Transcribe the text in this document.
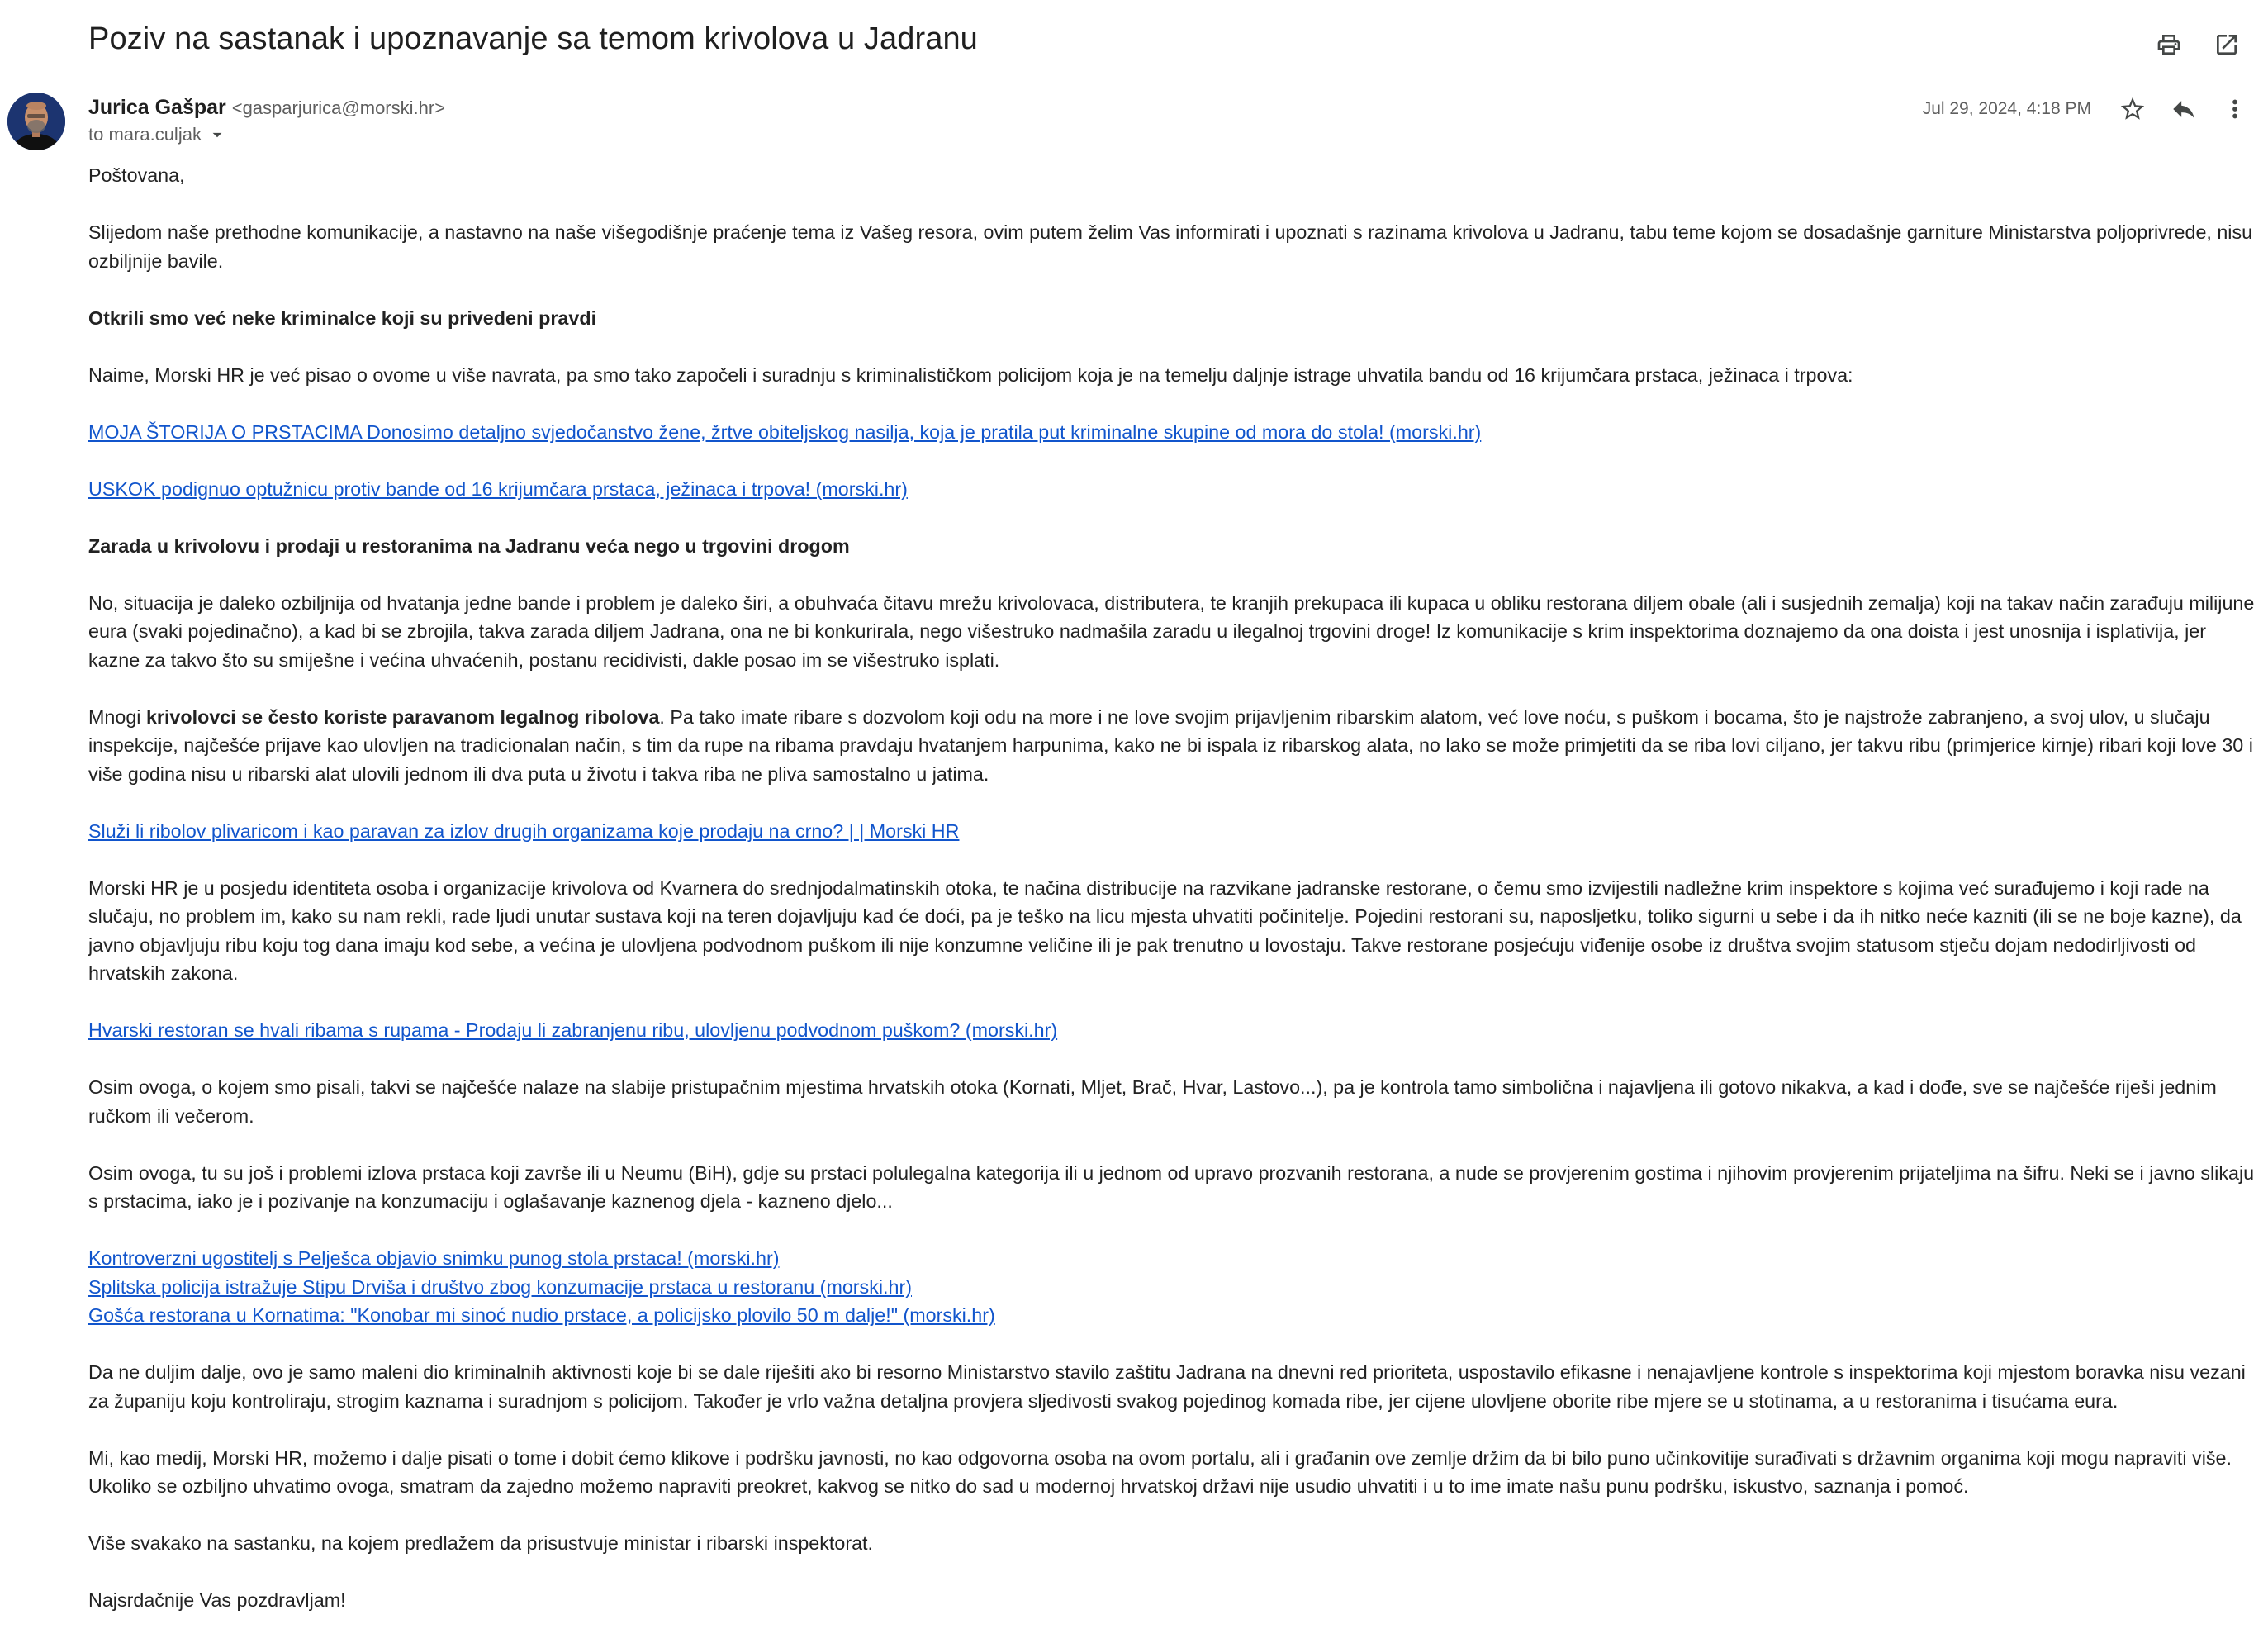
Poziv na sastanak i upoznavanje sa temom krivolova u Jadranu
Jurica Gašpar <gasparjurica@morski.hr>
to mara.culjak
Jul 29, 2024, 4:18 PM

Poštovana,

Slijedom naše prethodne komunikacije, a nastavno na naše višegodišnje praćenje tema iz Vašeg resora, ovim putem želim Vas informirati i upoznati s razinama krivolova u Jadranu, tabu teme kojom se dosadašnje garniture Ministarstva poljoprivrede, nisu ozbiljnije bavile.

Otkrili smo već neke kriminalce koji su privedeni pravdi

Naime, Morski HR je već pisao o ovome u više navrata, pa smo tako započeli i suradnju s kriminalističkom policijom koja je na temelju daljnje istrage uhvatila bandu od 16 krijumčara prstaca, ježinaca i trpova:

MOJA ŠTORIJA O PRSTACIMA Donosimo detaljno svjedočanstvo žene, žrtve obiteljskog nasilja, koja je pratila put kriminalne skupine od mora do stola! (morski.hr)

USKOK podignuo optužnicu protiv bande od 16 krijumčara prstaca, ježinaca i trpova! (morski.hr)

Zarada u krivolovu i prodaji u restoranima na Jadranu veća nego u trgovini drogom

No, situacija je daleko ozbiljnija od hvatanja jedne bande i problem je daleko širi, a obuhvaća čitavu mrežu krivolovaca, distributera, te kranjih prekupaca ili kupaca u obliku restorana diljem obale (ali i susjednih zemalja) koji na takav način zarađuju milijune eura (svaki pojedinačno), a kad bi se zbrojila, takva zarada diljem Jadrana, ona ne bi konkurirala, nego višestruko nadmašila zaradu u ilegalnoj trgovini droge! Iz komunikacije s krim inspektorima doznajemo da ona doista i jest unosnija i isplativija, jer kazne za takvo što su smiješne i većina uhvaćenih, postanu recidivisti, dakle posao im se višestruko isplati.

Mnogi krivolovci se često koriste paravanom legalnog ribolova. Pa tako imate ribare s dozvolom koji odu na more i ne love svojim prijavljenim ribarskim alatom, već love noću, s puškom i bocama, što je najstrože zabranjeno, a svoj ulov, u slučaju inspekcije, najčešće prijave kao ulovljen na tradicionalan način, s tim da rupe na ribama pravdaju hvatanjem harpunima, kako ne bi ispala iz ribarskog alata, no lako se može primjetiti da se riba lovi ciljano, jer takvu ribu (primjerice kirnje) ribari koji love 30 i više godina nisu u ribarski alat ulovili jednom ili dva puta u životu i takva riba ne pliva samostalno u jatima.

Služi li ribolov plivaricom i kao paravan za izlov drugih organizama koje prodaju na crno? | | Morski HR

Morski HR je u posjedu identiteta osoba i organizacije krivolova od Kvarnera do srednjodalmatinskih otoka, te načina distribucije na razvikane jadranske restorane, o čemu smo izvijestili nadležne krim inspektore s kojima već surađujemo i koji rade na slučaju, no problem im, kako su nam rekli, rade ljudi unutar sustava koji na teren dojavljuju kad će doći, pa je teško na licu mjesta uhvatiti počinitelje. Pojedini restorani su, naposljetku, toliko sigurni u sebe i da ih nitko neće kazniti (ili se ne boje kazne), da javno objavljuju ribu koju tog dana imaju kod sebe, a većina je ulovljena podvodnom puškom ili nije konzumne veličine ili je pak trenutno u lovostaju. Takve restorane posjećuju viđenije osobe iz društva svojim statusom stječu dojam nedodirljivosti od hrvatskih zakona.

Hvarski restoran se hvali ribama s rupama - Prodaju li zabranjenu ribu, ulovljenu podvodnom puškom? (morski.hr)

Osim ovoga, o kojem smo pisali, takvi se najčešće nalaze na slabije pristupačnim mjestima hrvatskih otoka (Kornati, Mljet, Brač, Hvar, Lastovo...), pa je kontrola tamo simbolična i najavljena ili gotovo nikakva, a kad i dođe, sve se najčešće riješi jednim ručkom ili večerom.

Osim ovoga, tu su još i problemi izlova prstaca koji završe ili u Neumu (BiH), gdje su prstaci polulegalna kategorija ili u jednom od upravo prozvanih restorana, a nude se provjerenim gostima i njihovim provjerenim prijateljima na šifru. Neki se i javno slikaju s prstacima, iako je i pozivanje na konzumaciju i oglašavanje kaznenog djela - kazneno djelo...

Kontroverzni ugostitelj s Pelješca objavio snimku punog stola prstaca! (morski.hr)

Splitska policija istražuje Stipu Drviša i društvo zbog konzumacije prstaca u restoranu (morski.hr)

Gošća restorana u Kornatima: "Konobar mi sinoć nudio prstace, a policijsko plovilo 50 m dalje!" (morski.hr)

Da ne duljim dalje, ovo je samo maleni dio kriminalnih aktivnosti koje bi se dale riješiti ako bi resorno Ministarstvo stavilo zaštitu Jadrana na dnevni red prioriteta, uspostavilo efikasne i nenajavljene kontrole s inspektorima koji mjestom boravka nisu vezani za županiju koju kontroliraju, strogim kaznama i suradnjom s policijom. Također je vrlo važna detaljna provjera sljedivosti svakog pojedinog komada ribe, jer cijene ulovljene oborite ribe mjere se u stotinama, a u restoranima i tisućama eura.

Mi, kao medij, Morski HR, možemo i dalje pisati o tome i dobit ćemo klikove i podršku javnosti, no kao odgovorna osoba na ovom portalu, ali i građanin ove zemlje držim da bi bilo puno učinkovitije surađivati s državnim organima koji mogu napraviti više. Ukoliko se ozbiljno uhvatimo ovoga, smatram da zajedno možemo napraviti preokret, kakvog se nitko do sad u modernoj hrvatskoj državi nije usudio uhvatiti i u to ime imate našu punu podršku, iskustvo, saznanja i pomoć.

Više svakako na sastanku, na kojem predlažem da prisustvuje ministar i ribarski inspektorat.

Najsrdačnije Vas pozdravljam!
